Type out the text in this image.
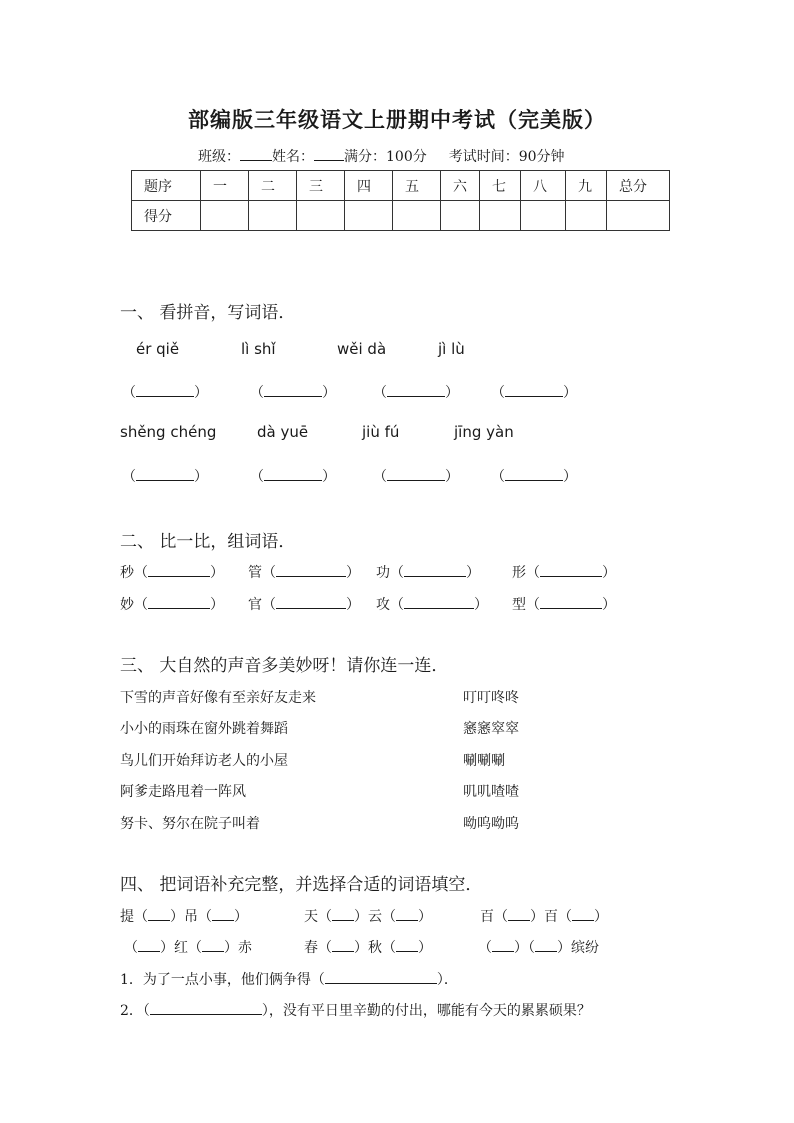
部编版三年级语文上册期中考试（完美版）
班级： 姓名： 满分：100分 考试时间：90分钟
题序	一	二	三	四	五	六	七	八	九	总分
得分										
一、 看拼音，写词语．
ér qiě	lì shǐ	wěi dà	jì lù
（	）	（	）	（	） （	）
shěng chéng	dà yuē	jiù fú	jīng yàn
（	）	（	）	（	） （	）
二、 比一比，组词语．
秒（	） 管（	） 功（	） 形（	）
妙（	） 官（	） 攻（	） 型（	）
三、 大自然的声音多美妙呀！请你连一连．
下雪的声音好像有至亲好友走来
小小的雨珠在窗外跳着舞蹈
鸟儿们开始拜访老人的小屋
阿爹走路甩着一阵风
努卡、努尔在院子叫着
叮叮咚咚
窸窸窣窣
唰唰唰
叽叽喳喳
呦呜呦呜
四、 把词语补充完整，并选择合适的词语填空．
提（ ）吊（ ）	天（ ）云（ ）	百（ ）百（ ）
（ ）红（ ）赤	春（ ）秋（ ）	（ ）（ ）缤纷
1．为了一点小事，他们俩争得（	）．
2．（	），没有平日里辛勤的付出，哪能有今天的累累硕果？
